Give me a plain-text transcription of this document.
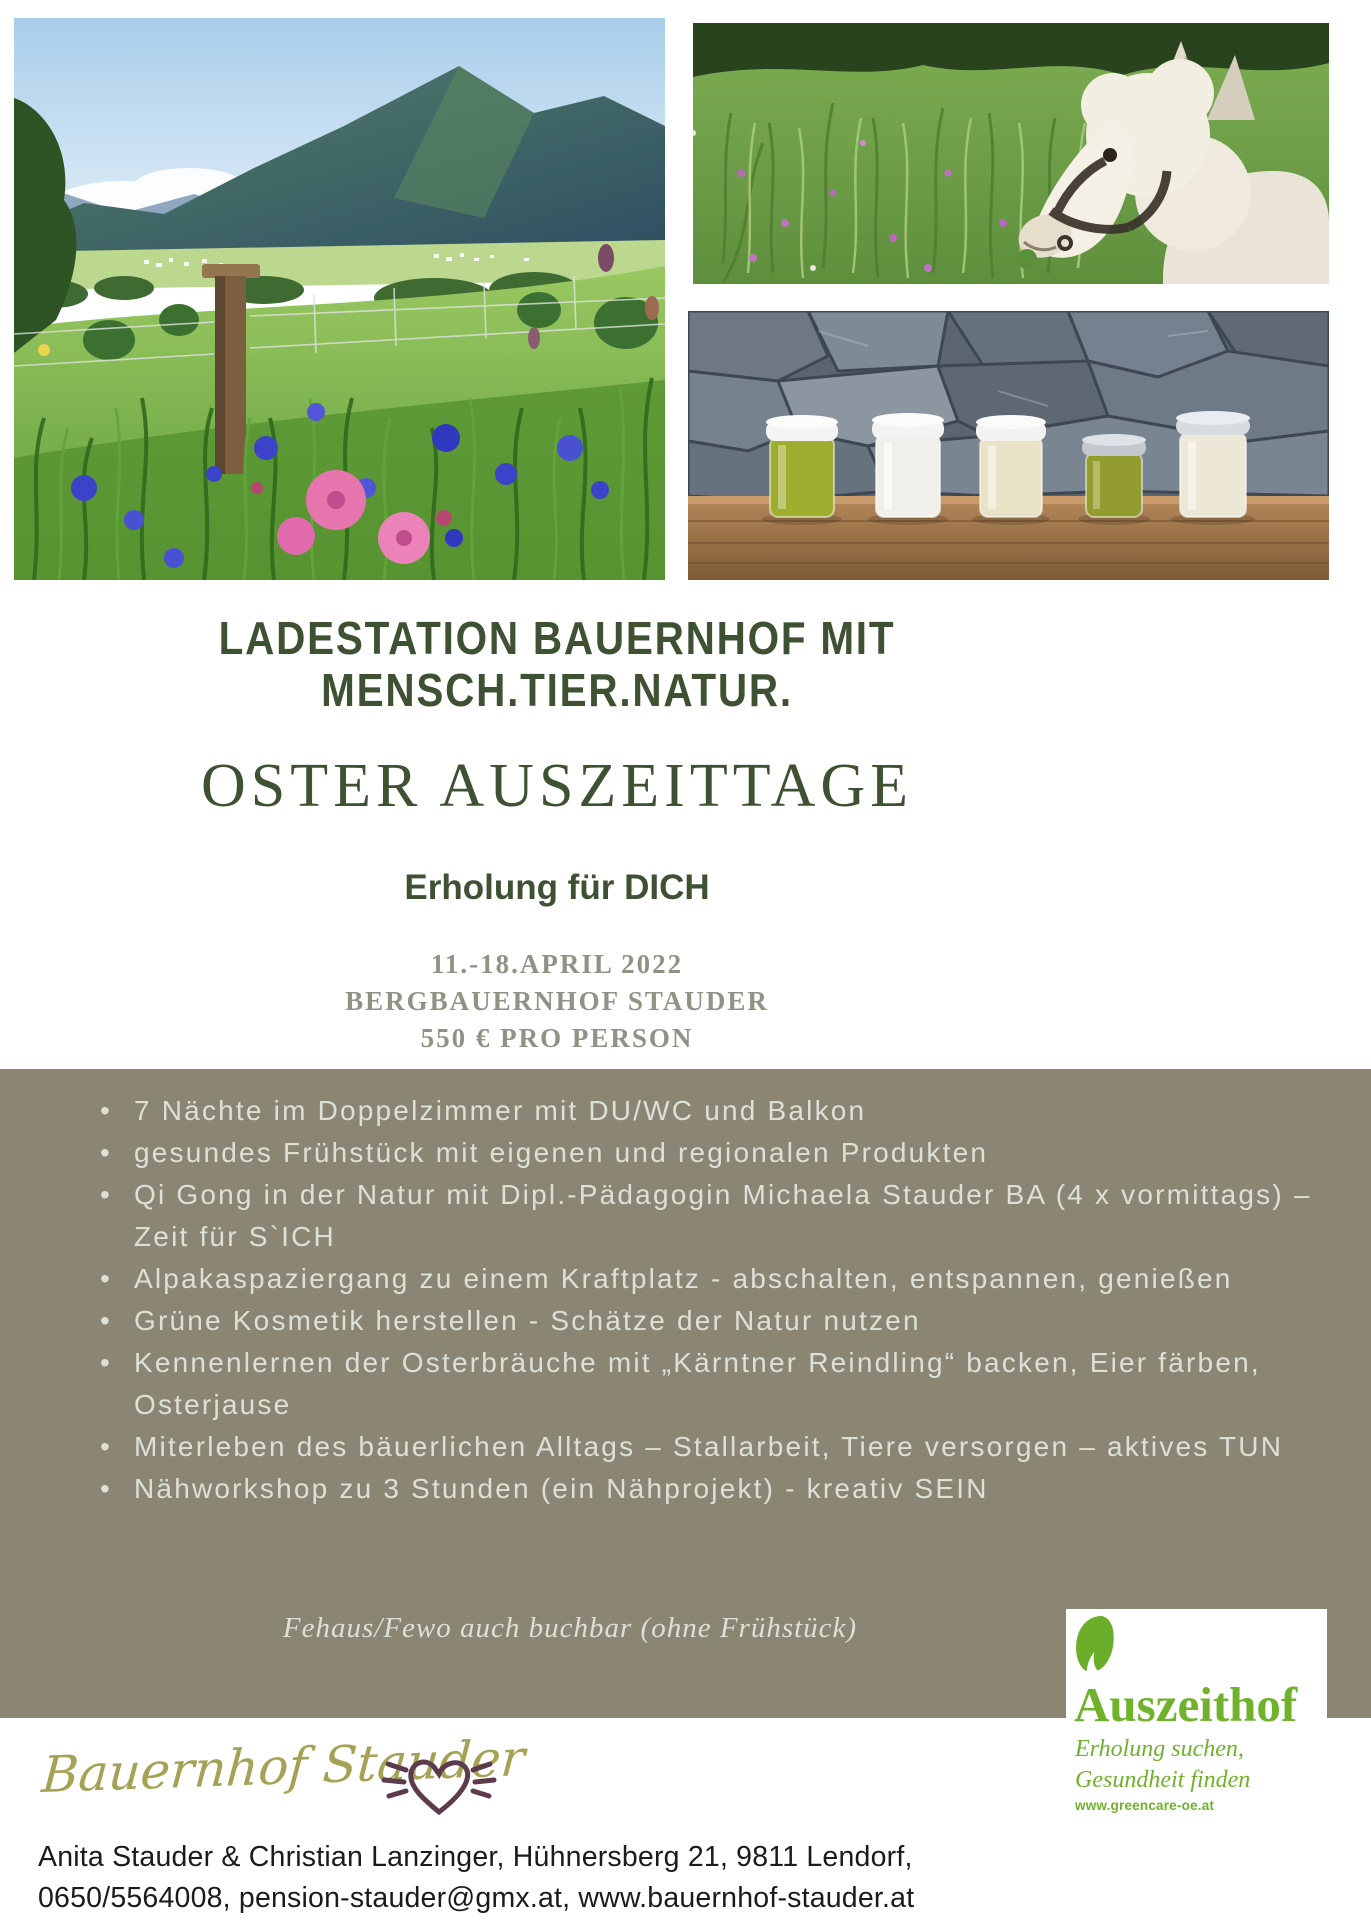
LADESTATION BAUERNHOF MIT
MENSCH.TIER.NATUR.
OSTER AUSZEITTAGE
Erholung für DICH
11.-18.APRIL 2022
BERGBAUERNHOF STAUDER
550 € PRO PERSON
• 7 Nächte im Doppelzimmer mit DU/WC und Balkon
• gesundes Frühstück mit eigenen und regionalen Produkten
• Qi Gong in der Natur mit Dipl.-Pädagogin Michaela Stauder BA (4 x vormittags) – Zeit für S`ICH
• Alpakaspaziergang zu einem Kraftplatz - abschalten, entspannen, genießen
• Grüne Kosmetik herstellen - Schätze der Natur nutzen
• Kennenlernen der Osterbräuche mit „Kärntner Reindling“ backen, Eier färben, Osterjause
• Miterleben des bäuerlichen Alltags – Stallarbeit, Tiere versorgen – aktives TUN
• Nähworkshop zu 3 Stunden (ein Nähprojekt) - kreativ SEIN
Fehaus/Fewo auch buchbar (ohne Frühstück)
Auszeithof
Erholung suchen,
Gesundheit finden
www.greencare-oe.at
Bauernhof Stauder
Anita Stauder & Christian Lanzinger, Hühnersberg 21, 9811 Lendorf,
0650/5564008, pension-stauder@gmx.at, www.bauernhof-stauder.at
